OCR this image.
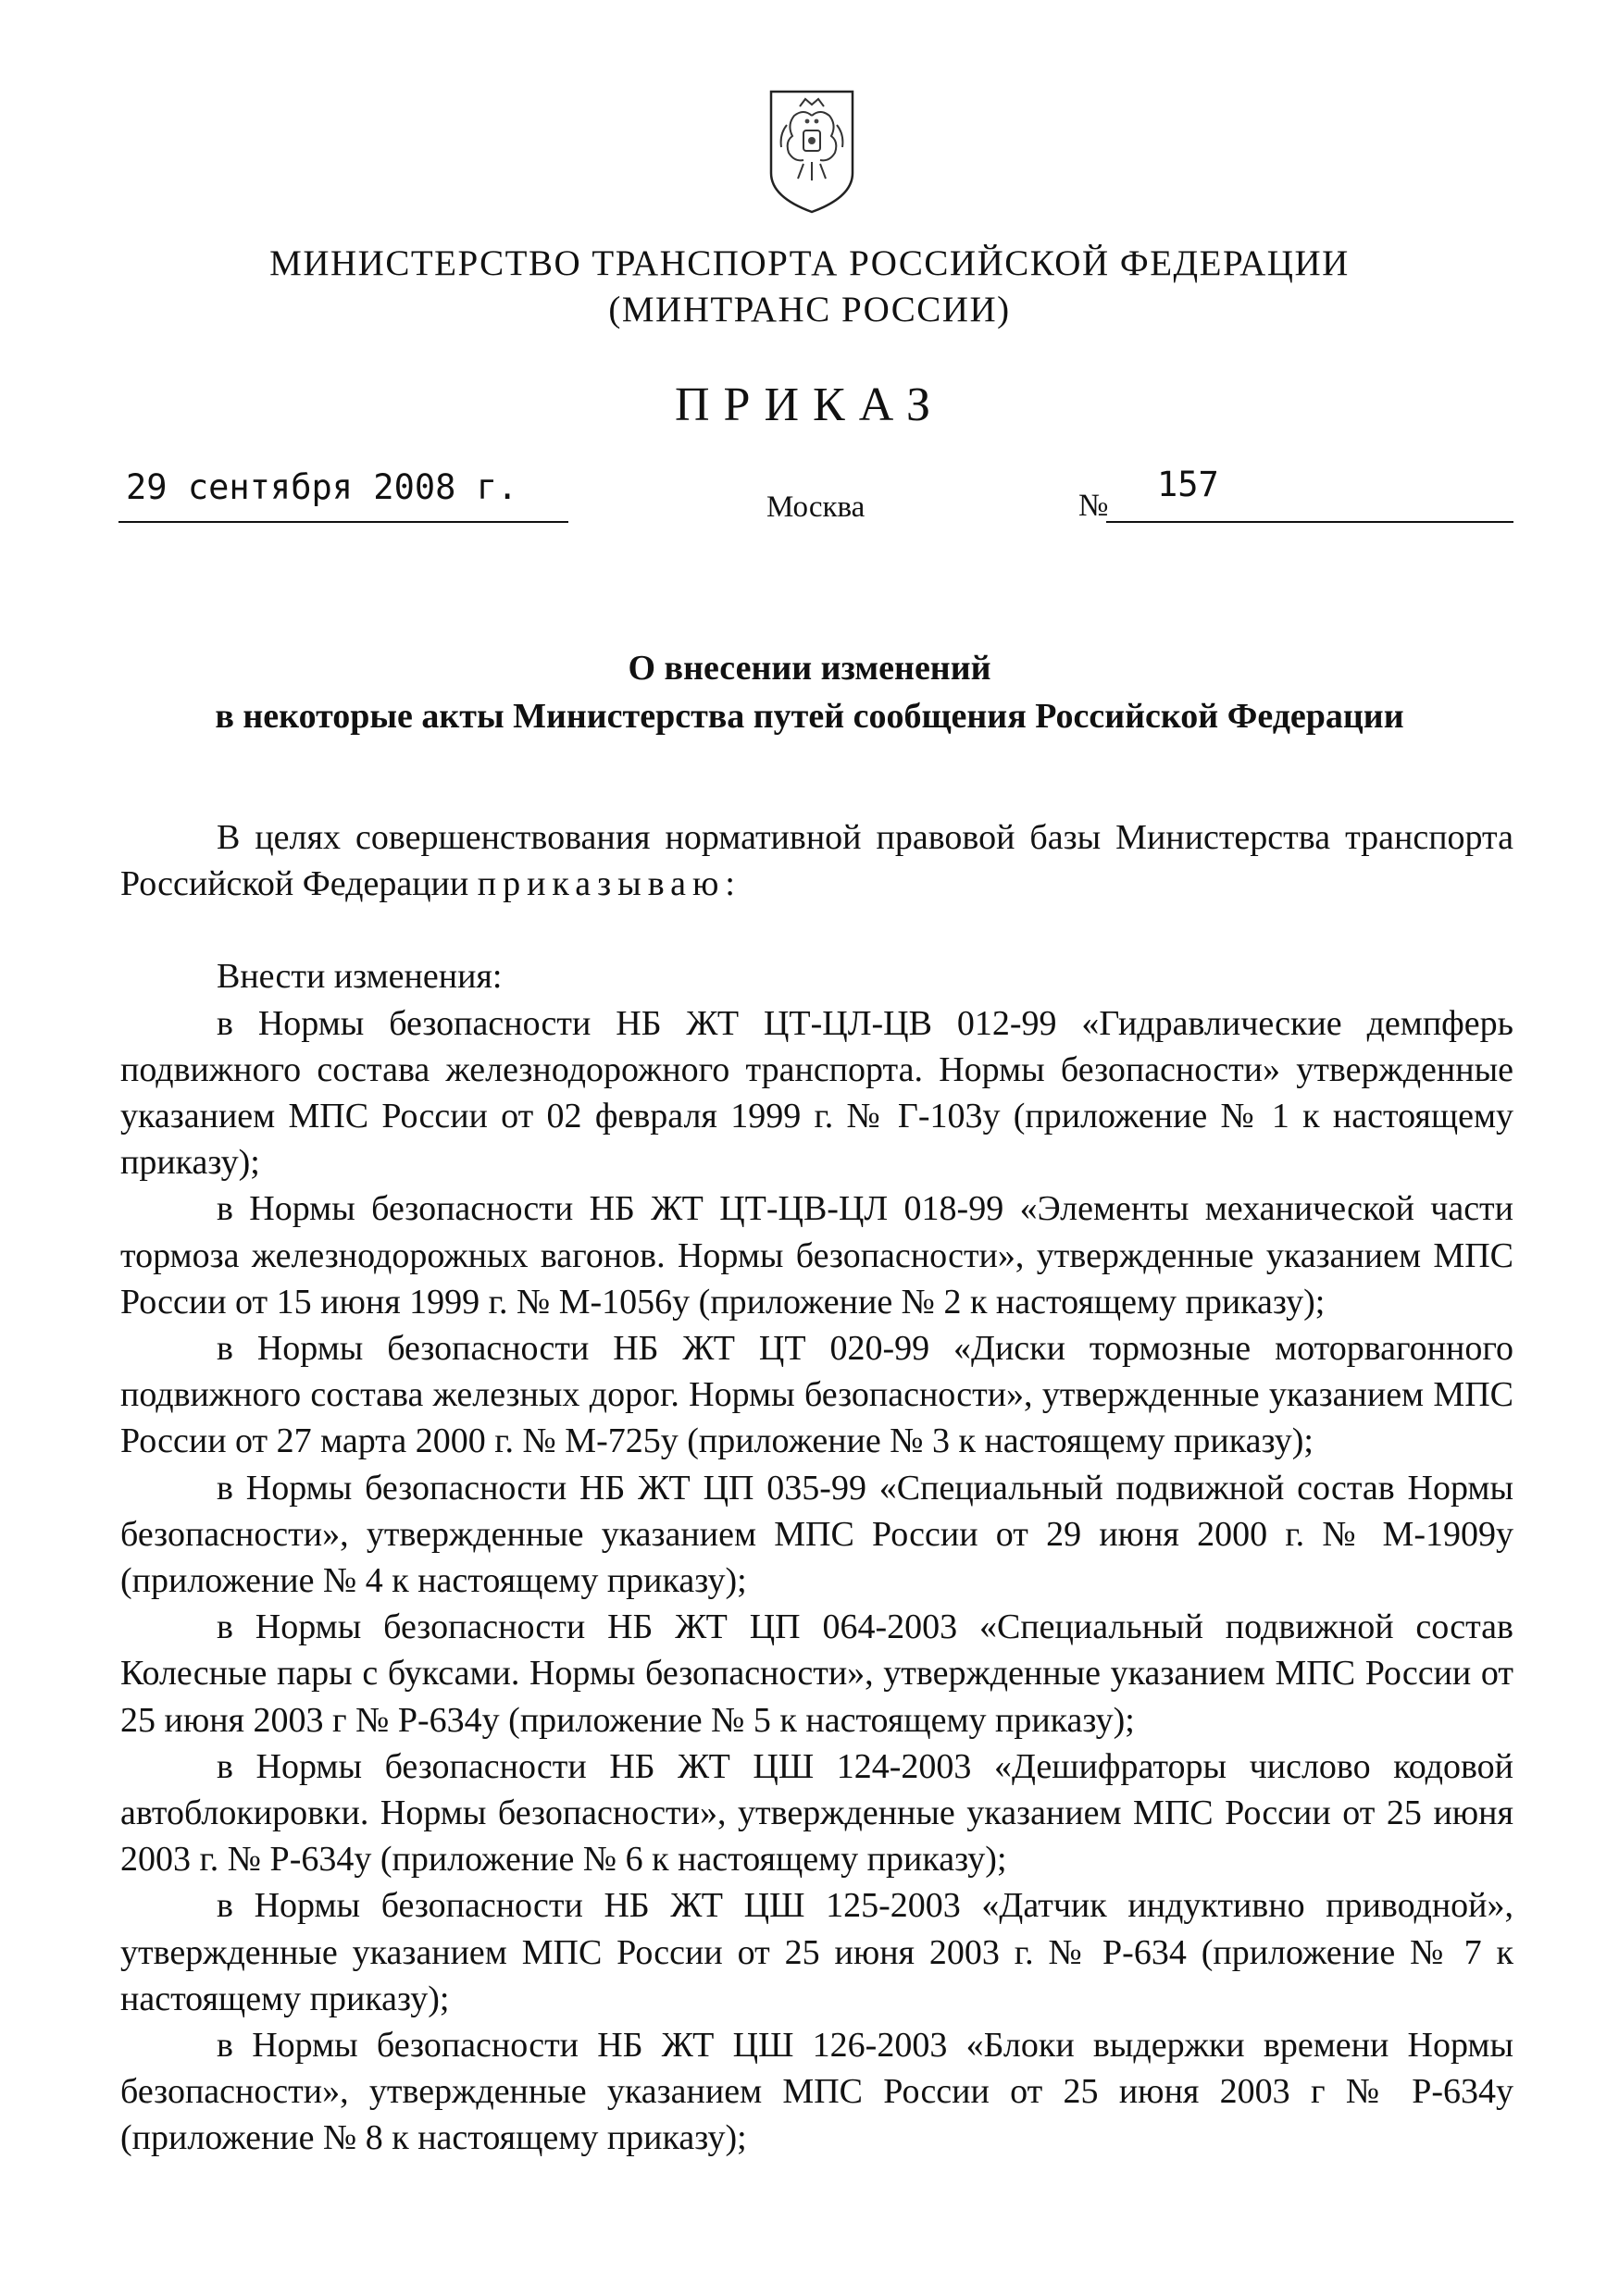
МИНИСТЕРСТВО ТРАНСПОРТА РОССИЙСКОЙ ФЕДЕРАЦИИ
(МИНТРАНС РОССИИ)
ПРИКАЗ
29 сентября 2008 г.	Москва	№
157
О внесении изменений
в некоторые акты Министерства путей сообщения Российской Федерации

В целях совершенствования нормативной правовой базы Министерства транспорта Российской Федерации приказываю:

Внести изменения:

в Нормы безопасности НБ ЖТ ЦТ-ЦЛ-ЦВ 012-99 «Гидравлические демпферь подвижного состава железнодорожного транспорта. Нормы безопасности» утвержденные указанием МПС России от 02 февраля 1999 г. № Г-103у (приложение № 1 к настоящему приказу);

в Нормы безопасности НБ ЖТ ЦТ-ЦВ-ЦЛ 018-99 «Элементы механической части тормоза железнодорожных вагонов. Нормы безопасности», утвержденные указанием МПС России от 15 июня 1999 г. № М-1056у (приложение № 2 к настоящему приказу);

в Нормы безопасности НБ ЖТ ЦТ 020-99 «Диски тормозные моторвагонного подвижного состава железных дорог. Нормы безопасности», утвержденные указанием МПС России от 27 марта 2000 г. № М-725у (приложение № 3 к настоящему приказу);

в Нормы безопасности НБ ЖТ ЦП 035-99 «Специальный подвижной состав Нормы безопасности», утвержденные указанием МПС России от 29 июня 2000 г. № М-1909у (приложение № 4 к настоящему приказу);

в Нормы безопасности НБ ЖТ ЦП 064-2003 «Специальный подвижной состав Колесные пары с буксами. Нормы безопасности», утвержденные указанием МПС России от 25 июня 2003 г № Р-634у (приложение № 5 к настоящему приказу);

в Нормы безопасности НБ ЖТ ЦШ 124-2003 «Дешифраторы числово кодовой автоблокировки. Нормы безопасности», утвержденные указанием МПС России от 25 июня 2003 г. № Р-634у (приложение № 6 к настоящему приказу);

в Нормы безопасности НБ ЖТ ЦШ 125-2003 «Датчик индуктивно приводной», утвержденные указанием МПС России от 25 июня 2003 г. № Р-634 (приложение № 7 к настоящему приказу);

в Нормы безопасности НБ ЖТ ЦШ 126-2003 «Блоки выдержки времени Нормы безопасности», утвержденные указанием МПС России от 25 июня 2003 г № Р-634у (приложение № 8 к настоящему приказу);
